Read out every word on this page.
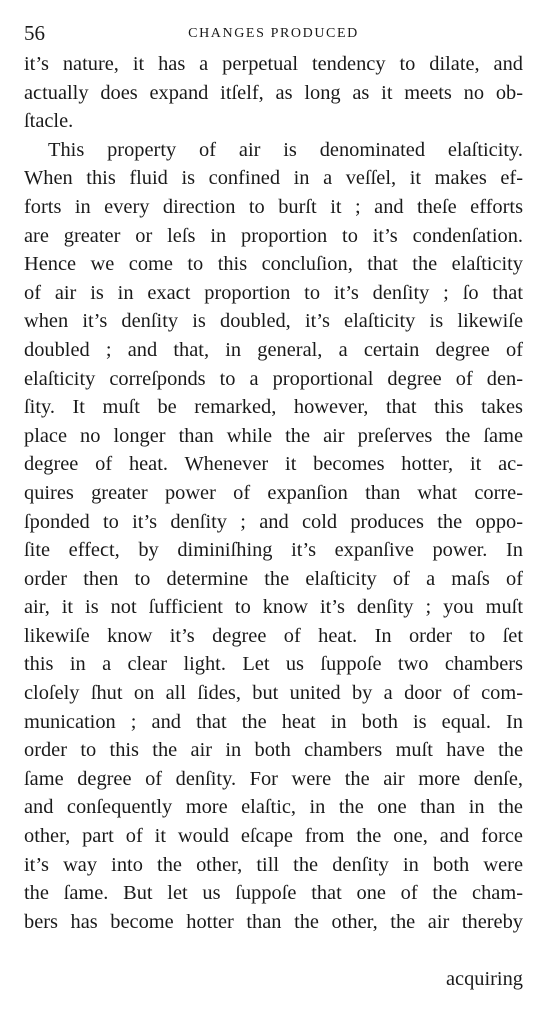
56	CHANGES PRODUCED
it’s nature, it has a perpetual tendency to dilate, and
aϲtually does expand itſelf, as long as it meets no ob-
ſtacle.
This property of air is denominated elaſticity.
When this fluid is confined in a veſſel, it makes ef-
forts in every direction to burſt it ; and theſe efforts
are greater or leſs in proportion to it’s condenſation.
Hence we come to this concluſion, that the elaſticity
of air is in exaϲt proportion to it’s denſity ; ſo that
when it’s denſity is doubled, it’s elaſticity is likewiſe
doubled ; and that, in general, a certain degree of
elaſticity correſponds to a proportional degree of den-
ſity. It muſt be remarked, however, that this takes
place no longer than while the air preſerves the ſame
degree of heat. Whenever it becomes hotter, it ac-
quires greater power of expanſion than what corre-
ſponded to it’s denſity ; and cold produces the oppo-
ſite effeϲt, by diminiſhing it’s expanſive power. In
order then to determine the elaſticity of a maſs of
air, it is not ſufficient to know it’s denſity ; you muſt
likewiſe know it’s degree of heat. In order to ſet
this in a clear light. Let us ſuppoſe two chambers
cloſely ſhut on all ſides, but united by a door of com-
munication ; and that the heat in both is equal. In
order to this the air in both chambers muſt have the
ſame degree of denſity. For were the air more denſe,
and conſequently more elaſtic, in the one than in the
other, part of it would eſcape from the one, and force
it’s way into the other, till the denſity in both were
the ſame. But let us ſuppoſe that one of the cham-
bers has become hotter than the other, the air thereby
acquiring
